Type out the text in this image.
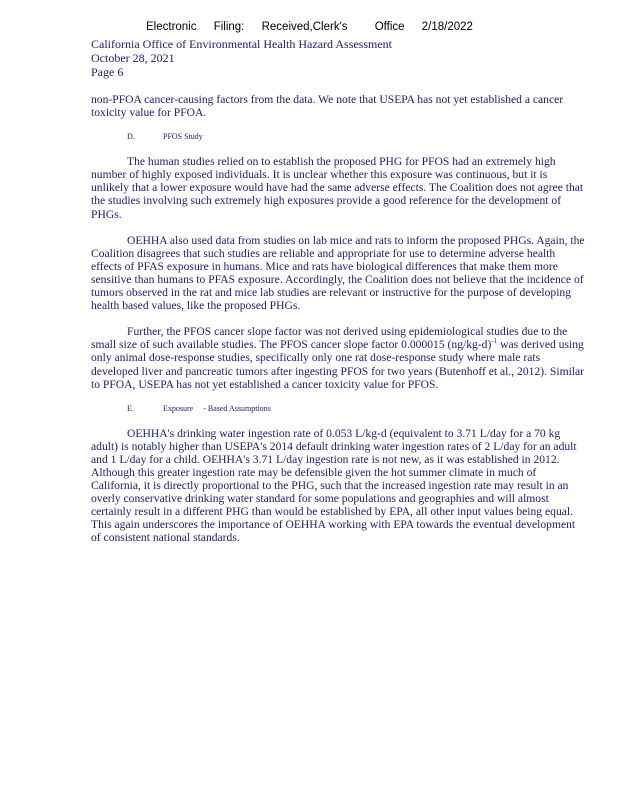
Electronic Filing: Received,Clerk's Office 2/18/2022
California Office of Environmental Health Hazard Assessment
October 28, 2021
Page 6

non-PFOA cancer-causing factors from the data. We note that USEPA has not yet established a cancer toxicity value for PFOA.

D.	PFOS Study

The human studies relied on to establish the proposed PHG for PFOS had an extremely high number of highly exposed individuals. It is unclear whether this exposure was continuous, but it is unlikely that a lower exposure would have had the same adverse effects. The Coalition does not agree that the studies involving such extremely high exposures provide a good reference for the development of PHGs.

OEHHA also used data from studies on lab mice and rats to inform the proposed PHGs. Again, the Coalition disagrees that such studies are reliable and appropriate for use to determine adverse health effects of PFAS exposure in humans. Mice and rats have biological differences that make them more sensitive than humans to PFAS exposure. Accordingly, the Coalition does not believe that the incidence of tumors observed in the rat and mice lab studies are relevant or instructive for the purpose of developing health based values, like the proposed PHGs.

Further, the PFOS cancer slope factor was not derived using epidemiological studies due to the small size of such available studies. The PFOS cancer slope factor 0.000015 $(ng/kg-d)^{-1}$ was derived using only animal dose-response studies, specifically only one rat dose-response study where male rats developed liver and pancreatic tumors after ingesting PFOS for two years (Butenhoff et al., 2012). Similar to PFOA, USEPA has not yet established a cancer toxicity value for PFOS.

E.	Exposure - Based Assumptions

OEHHA's drinking water ingestion rate of 0.053 L/kg-d (equivalent to 3.71 L/day for a 70 kg adult) is notably higher than USEPA's 2014 default drinking water ingestion rates of 2 L/day for an adult and 1 L/day for a child. OEHHA's 3.71 L/day ingestion rate is not new, as it was established in 2012. Although this greater ingestion rate may be defensible given the hot summer climate in much of California, it is directly proportional to the PHG, such that the increased ingestion rate may result in an overly conservative drinking water standard for some populations and geographies and will almost certainly result in a different PHG than would be established by EPA, all other input values being equal. This again underscores the importance of OEHHA working with EPA towards the eventual development of consistent national standards.
